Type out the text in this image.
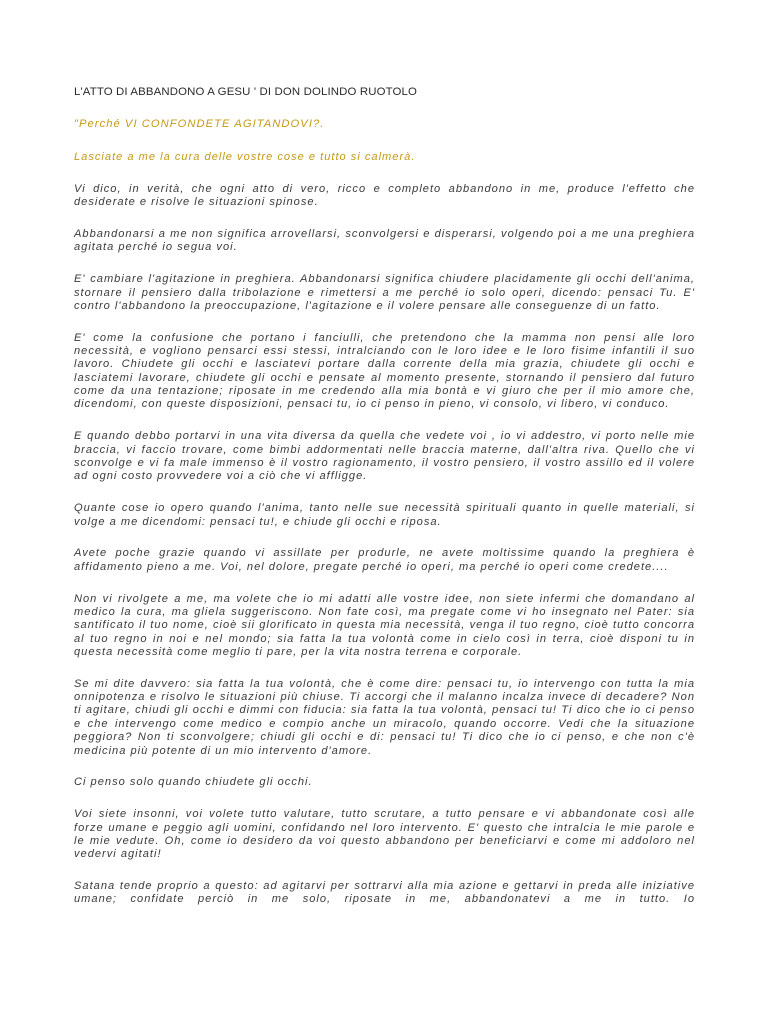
L'ATTO DI ABBANDONO A GESU ' DI DON DOLINDO RUOTOLO

"Perché VI CONFONDETE AGITANDOVI?.

Lasciate a me la cura delle vostre cose e tutto si calmerà.

Vi dico, in verità, che ogni atto di vero, ricco e completo abbandono in me, produce l'effetto che desiderate e risolve le situazioni spinose.

Abbandonarsi a me non significa arrovellarsi, sconvolgersi e disperarsi, volgendo poi a me una preghiera agitata perché io segua voi.

E' cambiare l'agitazione in preghiera. Abbandonarsi significa chiudere placidamente gli occhi dell'anima, stornare il pensiero dalla tribolazione e rimettersi a me perché io solo operi, dicendo: pensaci Tu. E' contro l'abbandono la preoccupazione, l'agitazione e il volere pensare alle conseguenze di un fatto.

E' come la confusione che portano i fanciulli, che pretendono che la mamma non pensi alle loro necessità, e vogliono pensarci essi stessi, intralciando con le loro idee e le loro fisime infantili il suo lavoro. Chiudete gli occhi e lasciatevi portare dalla corrente della mia grazia, chiudete gli occhi e lasciatemi lavorare, chiudete gli occhi e pensate al momento presente, stornando il pensiero dal futuro come da una tentazione; riposate in me credendo alla mia bontà e vi giuro che per il mio amore che, dicendomi, con queste disposizioni, pensaci tu, io ci penso in pieno, vi consolo, vi libero, vi conduco.

E quando debbo portarvi in una vita diversa da quella che vedete voi , io vi addestro, vi porto nelle mie braccia, vi faccio trovare, come bimbi addormentati nelle braccia materne, dall'altra riva. Quello che vi sconvolge e vi fa male immenso è il vostro ragionamento, il vostro pensiero, il vostro assillo ed il volere ad ogni costo provvedere voi a ciò che vi affligge.

Quante cose io opero quando l'anima, tanto nelle sue necessità spirituali quanto in quelle materiali, si volge a me dicendomi: pensaci tu!, e chiude gli occhi e riposa.

Avete poche grazie quando vi assillate per produrle, ne avete moltissime quando la preghiera è affidamento pieno a me. Voi, nel dolore, pregate perché io operi, ma perché io operi come credete....

Non vi rivolgete a me, ma volete che io mi adatti alle vostre idee, non siete infermi che domandano al medico la cura, ma gliela suggeriscono. Non fate così, ma pregate come vi ho insegnato nel Pater: sia santificato il tuo nome, cioè sii glorificato in questa mia necessità, venga il tuo regno, cioè tutto concorra al tuo regno in noi e nel mondo; sia fatta la tua volontà come in cielo così in terra, cioè disponi tu in questa necessità come meglio ti pare, per la vita nostra terrena e corporale.

Se mi dite davvero: sia fatta la tua volontà, che è come dire: pensaci tu, io intervengo con tutta la mia onnipotenza e risolvo le situazioni più chiuse. Ti accorgi che il malanno incalza invece di decadere? Non ti agitare, chiudi gli occhi e dimmi con fiducia: sia fatta la tua volontà, pensaci tu! Ti dico che io ci penso e che intervengo come medico e compio anche un miracolo, quando occorre. Vedi che la situazione peggiora? Non ti sconvolgere; chiudi gli occhi e di: pensaci tu! Ti dico che io ci penso, e che non c'è medicina più potente di un mio intervento d'amore.

Ci penso solo quando chiudete gli occhi.

Voi siete insonni, voi volete tutto valutare, tutto scrutare, a tutto pensare e vi abbandonate così alle forze umane e peggio agli uomini, confidando nel loro intervento. E' questo che intralcia le mie parole e le mie vedute. Oh, come io desidero da voi questo abbandono per beneficiarvi e come mi addoloro nel vedervi agitati!

Satana tende proprio a questo: ad agitarvi per sottrarvi alla mia azione e gettarvi in preda alle iniziative umane; confidate perciò in me solo, riposate in me, abbandonatevi a me in tutto. Io
